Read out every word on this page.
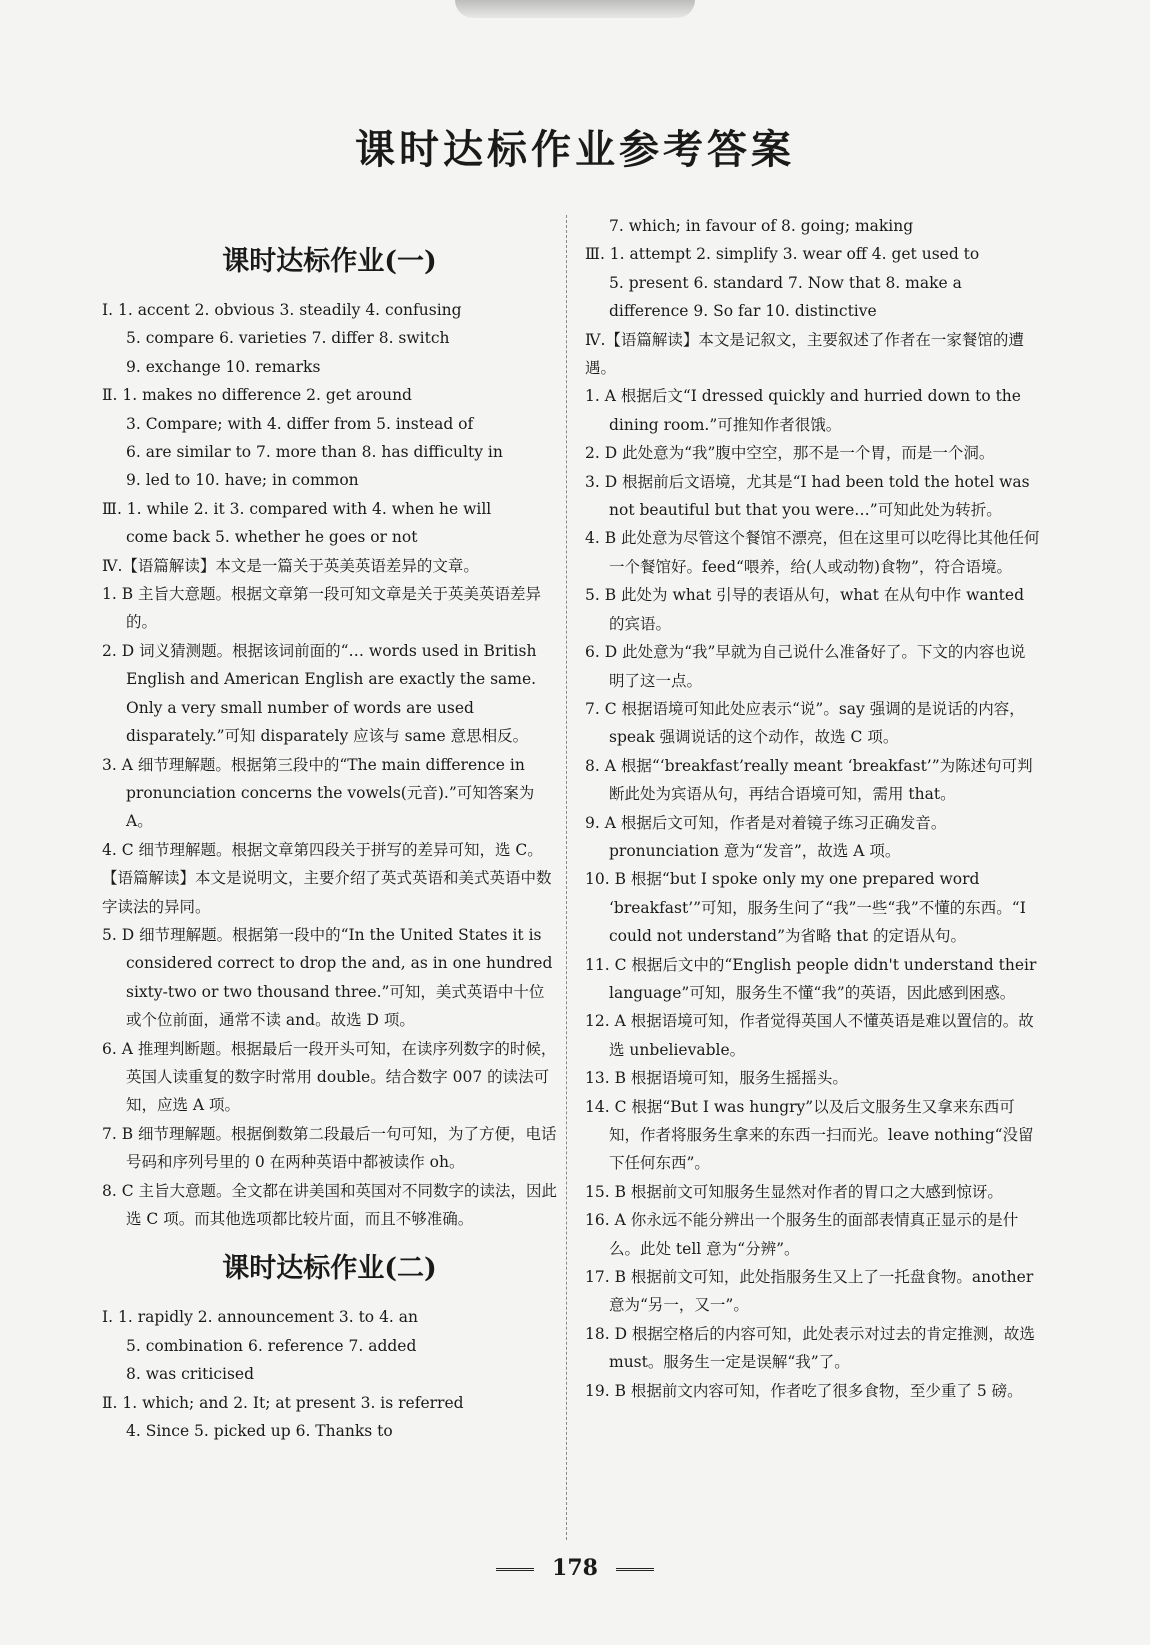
课时达标作业参考答案
课时达标作业(一)

Ⅰ. 1. accent 2. obvious 3. steadily 4. confusing

5. compare 6. varieties 7. differ 8. switch

9. exchange 10. remarks

Ⅱ. 1. makes no difference 2. get around

3. Compare; with 4. differ from 5. instead of

6. are similar to 7. more than 8. has difficulty in

9. led to 10. have; in common

Ⅲ. 1. while 2. it 3. compared with 4. when he will

come back 5. whether he goes or not

Ⅳ.【语篇解读】本文是一篇关于英美英语差异的文章。

1. B 主旨大意题。根据文章第一段可知文章是关于英美英语差异的。

2. D 词义猜测题。根据该词前面的“… words used in British English and American English are exactly the same. Only a very small number of words are used disparately.”可知 disparately 应该与 same 意思相反。

3. A 细节理解题。根据第三段中的“The main difference in pronunciation concerns the vowels(元音).”可知答案为 A。

4. C 细节理解题。根据文章第四段关于拼写的差异可知，选 C。

【语篇解读】本文是说明文，主要介绍了英式英语和美式英语中数字读法的异同。

5. D 细节理解题。根据第一段中的“In the United States it is considered correct to drop the and, as in one hundred sixty-two or two thousand three.”可知，美式英语中十位或个位前面，通常不读 and。故选 D 项。

6. A 推理判断题。根据最后一段开头可知，在读序列数字的时候，英国人读重复的数字时常用 double。结合数字 007 的读法可知，应选 A 项。

7. B 细节理解题。根据倒数第二段最后一句可知，为了方便，电话号码和序列号里的 0 在两种英语中都被读作 oh。

8. C 主旨大意题。全文都在讲美国和英国对不同数字的读法，因此选 C 项。而其他选项都比较片面，而且不够准确。

课时达标作业(二)

Ⅰ. 1. rapidly 2. announcement 3. to 4. an

5. combination 6. reference 7. added

8. was criticised

Ⅱ. 1. which; and 2. It; at present 3. is referred

4. Since 5. picked up 6. Thanks to

7. which; in favour of 8. going; making

Ⅲ. 1. attempt 2. simplify 3. wear off 4. get used to

5. present 6. standard 7. Now that 8. make a difference 9. So far 10. distinctive

Ⅳ.【语篇解读】本文是记叙文，主要叙述了作者在一家餐馆的遭遇。

1. A 根据后文“I dressed quickly and hurried down to the dining room.”可推知作者很饿。

2. D 此处意为“我”腹中空空，那不是一个胃，而是一个洞。

3. D 根据前后文语境，尤其是“I had been told the hotel was not beautiful but that you were…”可知此处为转折。

4. B 此处意为尽管这个餐馆不漂亮，但在这里可以吃得比其他任何一个餐馆好。feed“喂养，给(人或动物)食物”，符合语境。

5. B 此处为 what 引导的表语从句，what 在从句中作 wanted 的宾语。

6. D 此处意为“我”早就为自己说什么准备好了。下文的内容也说明了这一点。

7. C 根据语境可知此处应表示“说”。say 强调的是说话的内容，speak 强调说话的这个动作，故选 C 项。

8. A 根据“‘breakfast’really meant ‘breakfast’”为陈述句可判断此处为宾语从句，再结合语境可知，需用 that。

9. A 根据后文可知，作者是对着镜子练习正确发音。pronunciation 意为“发音”，故选 A 项。

10. B 根据“but I spoke only my one prepared word ‘breakfast’”可知，服务生问了“我”一些“我”不懂的东西。“I could not understand”为省略 that 的定语从句。

11. C 根据后文中的“English people didn't understand their language”可知，服务生不懂“我”的英语，因此感到困惑。

12. A 根据语境可知，作者觉得英国人不懂英语是难以置信的。故选 unbelievable。

13. B 根据语境可知，服务生摇摇头。

14. C 根据“But I was hungry”以及后文服务生又拿来东西可知，作者将服务生拿来的东西一扫而光。leave nothing“没留下任何东西”。

15. B 根据前文可知服务生显然对作者的胃口之大感到惊讶。

16. A 你永远不能分辨出一个服务生的面部表情真正显示的是什么。此处 tell 意为“分辨”。

17. B 根据前文可知，此处指服务生又上了一托盘食物。another 意为“另一，又一”。

18. D 根据空格后的内容可知，此处表示对过去的肯定推测，故选 must。服务生一定是误解“我”了。

19. B 根据前文内容可知，作者吃了很多食物，至少重了 5 磅。

178
